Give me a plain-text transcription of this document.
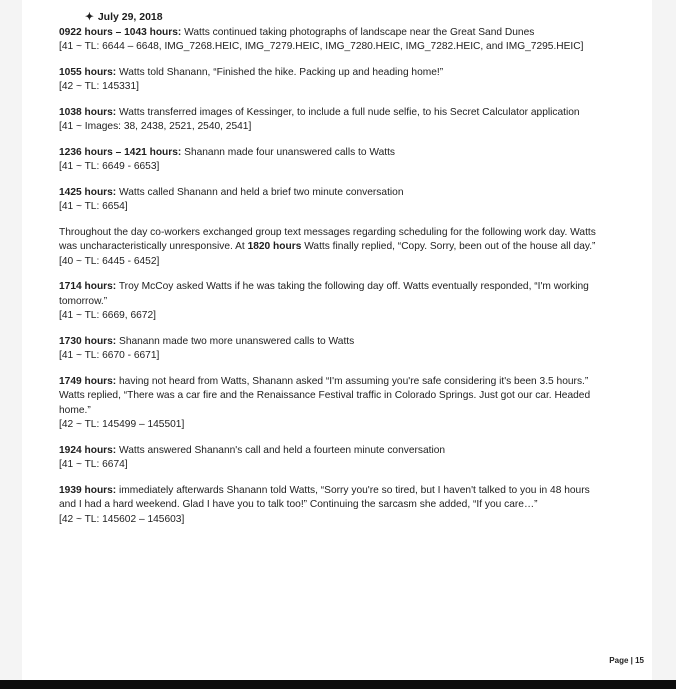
✦ July 29, 2018
0922 hours – 1043 hours: Watts continued taking photographs of landscape near the Great Sand Dunes
[41 ~ TL: 6644 – 6648, IMG_7268.HEIC, IMG_7279.HEIC, IMG_7280.HEIC, IMG_7282.HEIC, and IMG_7295.HEIC]
1055 hours: Watts told Shanann, “Finished the hike. Packing up and heading home!”
[42 ~ TL: 145331]
1038 hours: Watts transferred images of Kessinger, to include a full nude selfie, to his Secret Calculator application
[41 ~ Images: 38, 2438, 2521, 2540, 2541]
1236 hours – 1421 hours: Shanann made four unanswered calls to Watts
[41 ~ TL: 6649 - 6653]
1425 hours: Watts called Shanann and held a brief two minute conversation
[41 ~ TL: 6654]
Throughout the day co-workers exchanged group text messages regarding scheduling for the following work day. Watts was uncharacteristically unresponsive. At 1820 hours Watts finally replied, “Copy. Sorry, been out of the house all day.”
[40 ~ TL: 6445 - 6452]
1714 hours: Troy McCoy asked Watts if he was taking the following day off. Watts eventually responded, “I'm working tomorrow.”
[41 ~ TL: 6669, 6672]
1730 hours: Shanann made two more unanswered calls to Watts
[41 ~ TL: 6670 - 6671]
1749 hours: having not heard from Watts, Shanann asked “I'm assuming you're safe considering it's been 3.5 hours.” Watts replied, “There was a car fire and the Renaissance Festival traffic in Colorado Springs. Just got our car. Headed home.”
[42 ~ TL: 145499 – 145501]
1924 hours: Watts answered Shanann's call and held a fourteen minute conversation
[41 ~ TL: 6674]
1939 hours: immediately afterwards Shanann told Watts, “Sorry you're so tired, but I haven't talked to you in 48 hours and I had a hard weekend. Glad I have you to talk too!” Continuing the sarcasm she added, “If you care…”
[42 ~ TL: 145602 – 145603]
Page | 15
